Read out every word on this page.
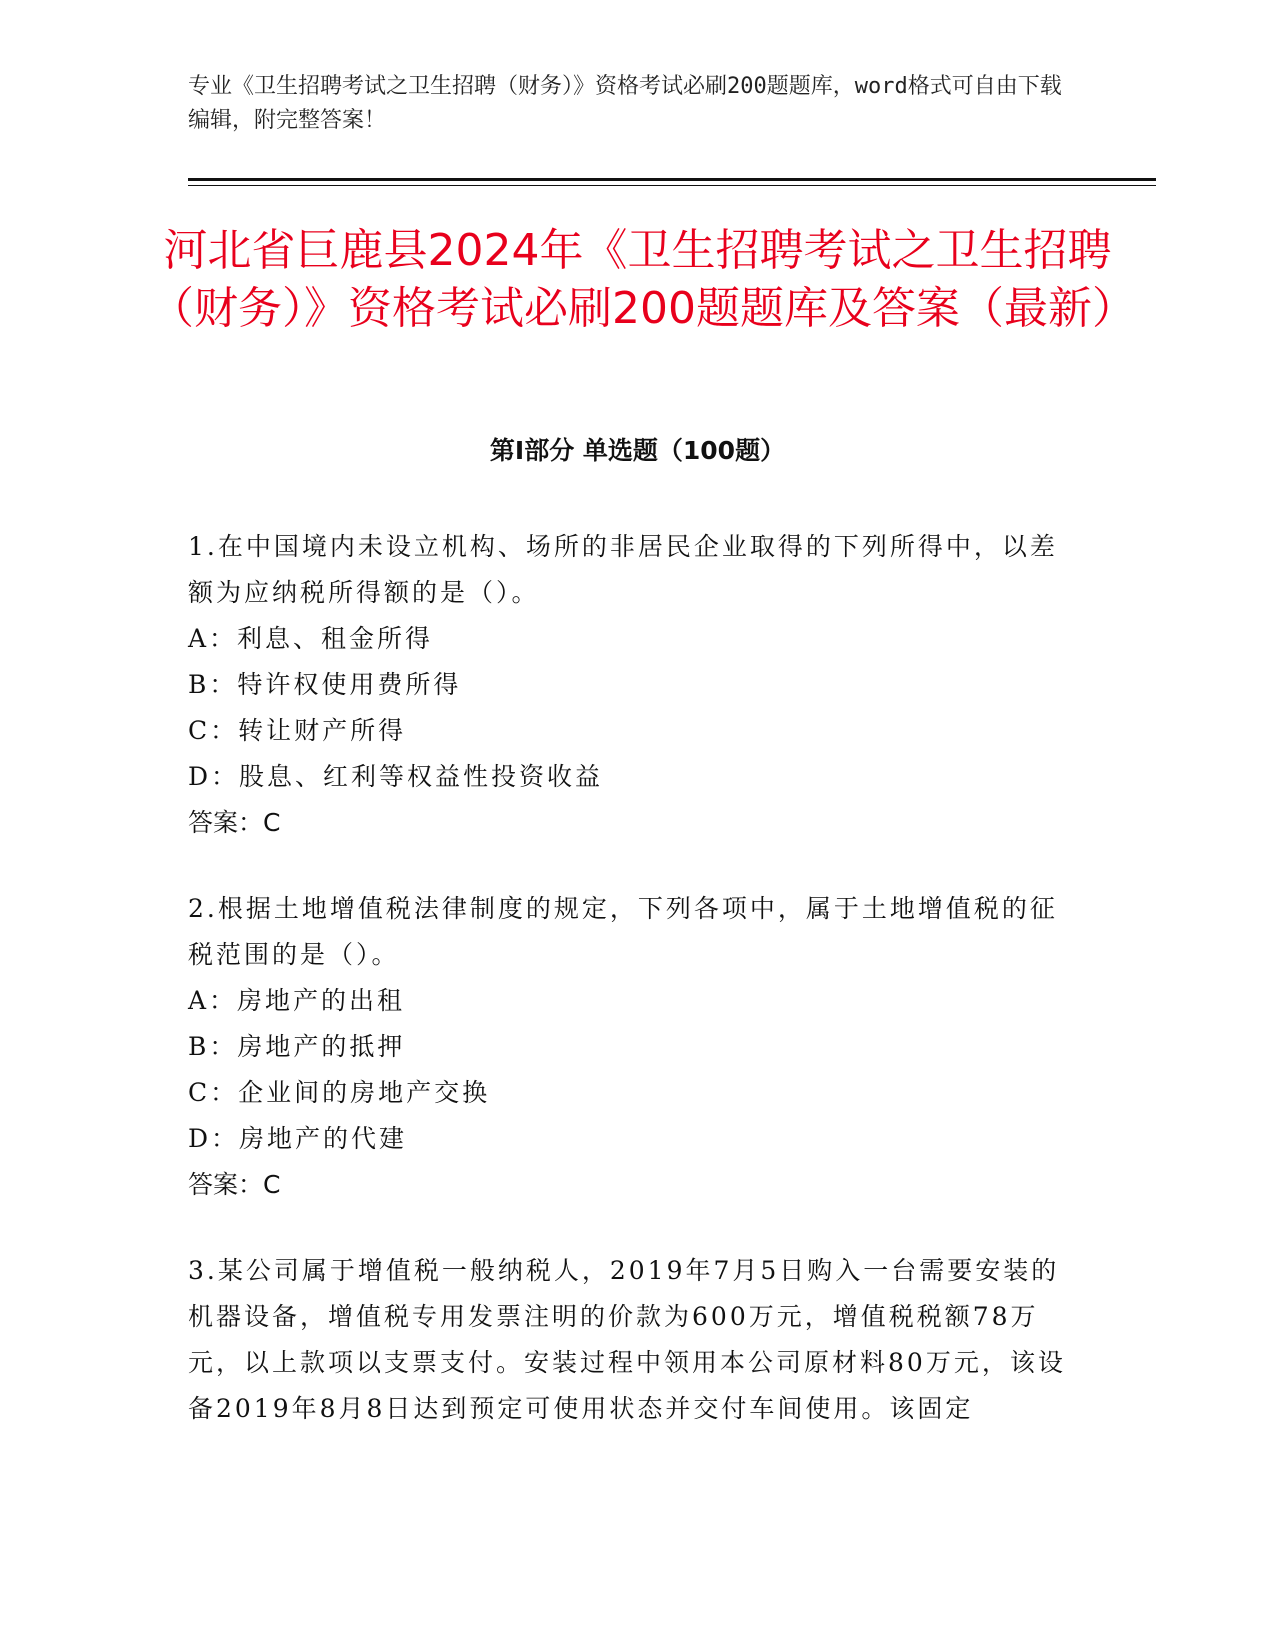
专业《卫生招聘考试之卫生招聘（财务）》资格考试必刷200题题库，word格式可自由下载编辑，附完整答案！
河北省巨鹿县2024年《卫生招聘考试之卫生招聘（财务）》资格考试必刷200题题库及答案（最新）
第Ⅰ部分 单选题（100题）

1.在中国境内未设立机构、场所的非居民企业取得的下列所得中，以差额为应纳税所得额的是（）。

A：利息、租金所得

B：特许权使用费所得

C：转让财产所得

D：股息、红利等权益性投资收益

答案：C

2.根据土地增值税法律制度的规定，下列各项中，属于土地增值税的征税范围的是（）。

A：房地产的出租

B：房地产的抵押

C：企业间的房地产交换

D：房地产的代建

答案：C

3.某公司属于增值税一般纳税人，2019年7月5日购入一台需要安装的机器设备，增值税专用发票注明的价款为600万元，增值税税额78万元，以上款项以支票支付。安装过程中领用本公司原材料80万元，该设备2019年8月8日达到预定可使用状态并交付车间使用。该固定
